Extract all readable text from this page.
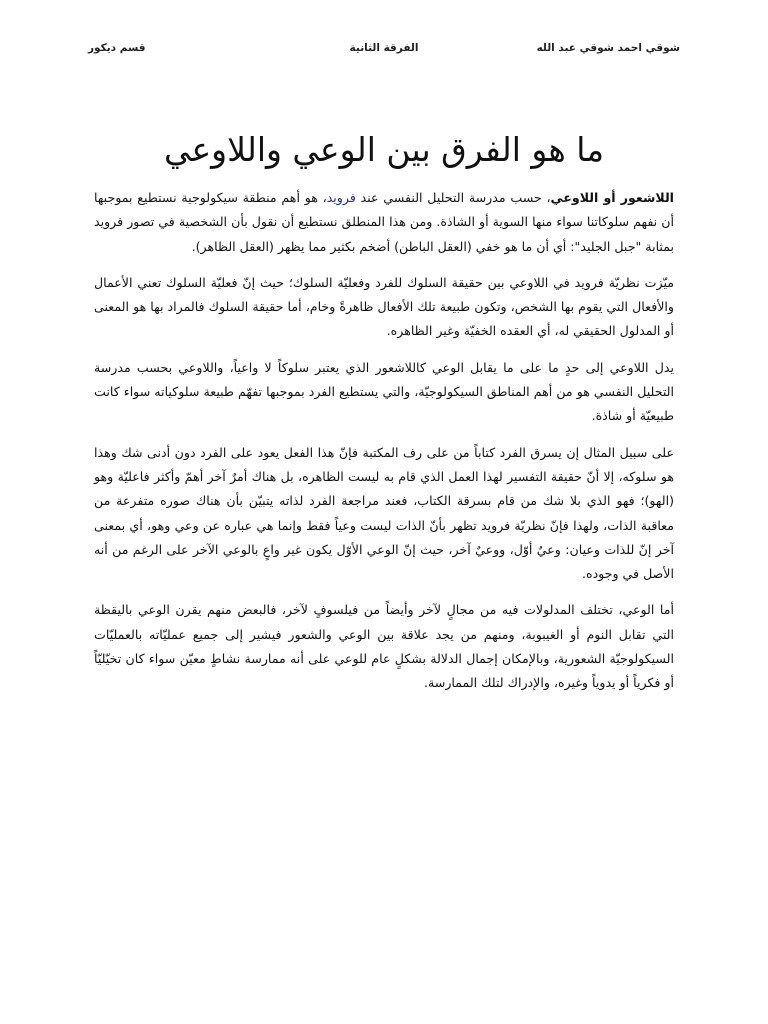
شوقي احمد شوقي عبد الله
الفرقة الثانية
قسم ديكور
ما هو الفرق بين الوعي واللاوعي

اللاشعور أو اللاوعي، حسب مدرسة التحليل النفسي عند فرويد، هو أهم منطقة سيكولوجية نستطيع بموجبها أن نفهم سلوكاتنا سواء منها السوية أو الشاذة. ومن هذا المنطلق نستطيع أن نقول بأن الشخصية في تصور فرويد بمثابة "جبل الجليد": أي أن ما هو خفي (العقل الباطن) أضخم بكثير مما يظهر (العقل الظاهر).

ميّزت نظريّة فرويد في اللاوعي بين حقيقة السلوك للفرد وفعليّة السلوك؛ حيث إنّ فعليّة السلوك تعني الأعمال والأفعال التي يقوم بها الشخص، وتكون طبيعة تلك الأفعال ظاهرةً وخام، أما حقيقة السلوك فالمراد بها هو المعنى أو المدلول الحقيقي له، أي العقده الخفيّة وغير الظاهره.

يدل اللاوعي إلى حدٍ ما على ما يقابل الوعي كاللاشعور الذي يعتبر سلوكاً لا واعياً، واللاوعي بحسب مدرسة التحليل النفسي هو من أهم المناطق السيكولوجيّة، والتي يستطيع الفرد بموجبها تفهّم طبيعة سلوكياته سواء كانت طبيعيّة أو شاذة.

على سبيل المثال إن يسرق الفرد كتاباً من على رف المكتبة فإنّ هذا الفعل يعود على الفرد دون أدنى شك وهذا هو سلوكه، إلا أنّ حقيقة التفسير لهذا العمل الذي قام به ليست الظاهره، بل هناك أمرٌ آخر أهمّ وأكثر فاعليّة وهو (الهو)؛ فهو الذي بلا شك من قام بسرقة الكتاب، فعند مراجعة الفرد لذاته يتبيّن بأن هناك صوره متفرعة من معاقبة الذات، ولهذا فإنّ نظريّة فرويد تظهر بأنّ الذات ليست وعياً فقط وإنما هي عباره عن وعي وهو، أي بمعنى آخر إنّ للذات وعيان: وعيٌ أوّل، ووعيٌ آخر، حيث إنّ الوعي الأوّل يكون غير واعٍ بالوعي الآخر على الرغم من أنه الأصل في وجوده.

أما الوعي، تختلف المدلولات فيه من مجالٍ لآخر وأيضاً من فيلسوفٍ لآخر، فالبعض منهم يقرن الوعي باليقظة التي تقابل النوم أو الغيبوبة، ومنهم من يجد علاقة بين الوعي والشعور فيشير إلى جميع عمليّاته بالعمليّات السيكولوجيّة الشعورية، وبالإمكان إجمال الدلالة بشكلٍ عام للوعي على أنه ممارسة نشاطٍ معيّن سواء كان تخيّليّاً أو فكرياً أو يدوياً وغيره، والإدراك لتلك الممارسة.
